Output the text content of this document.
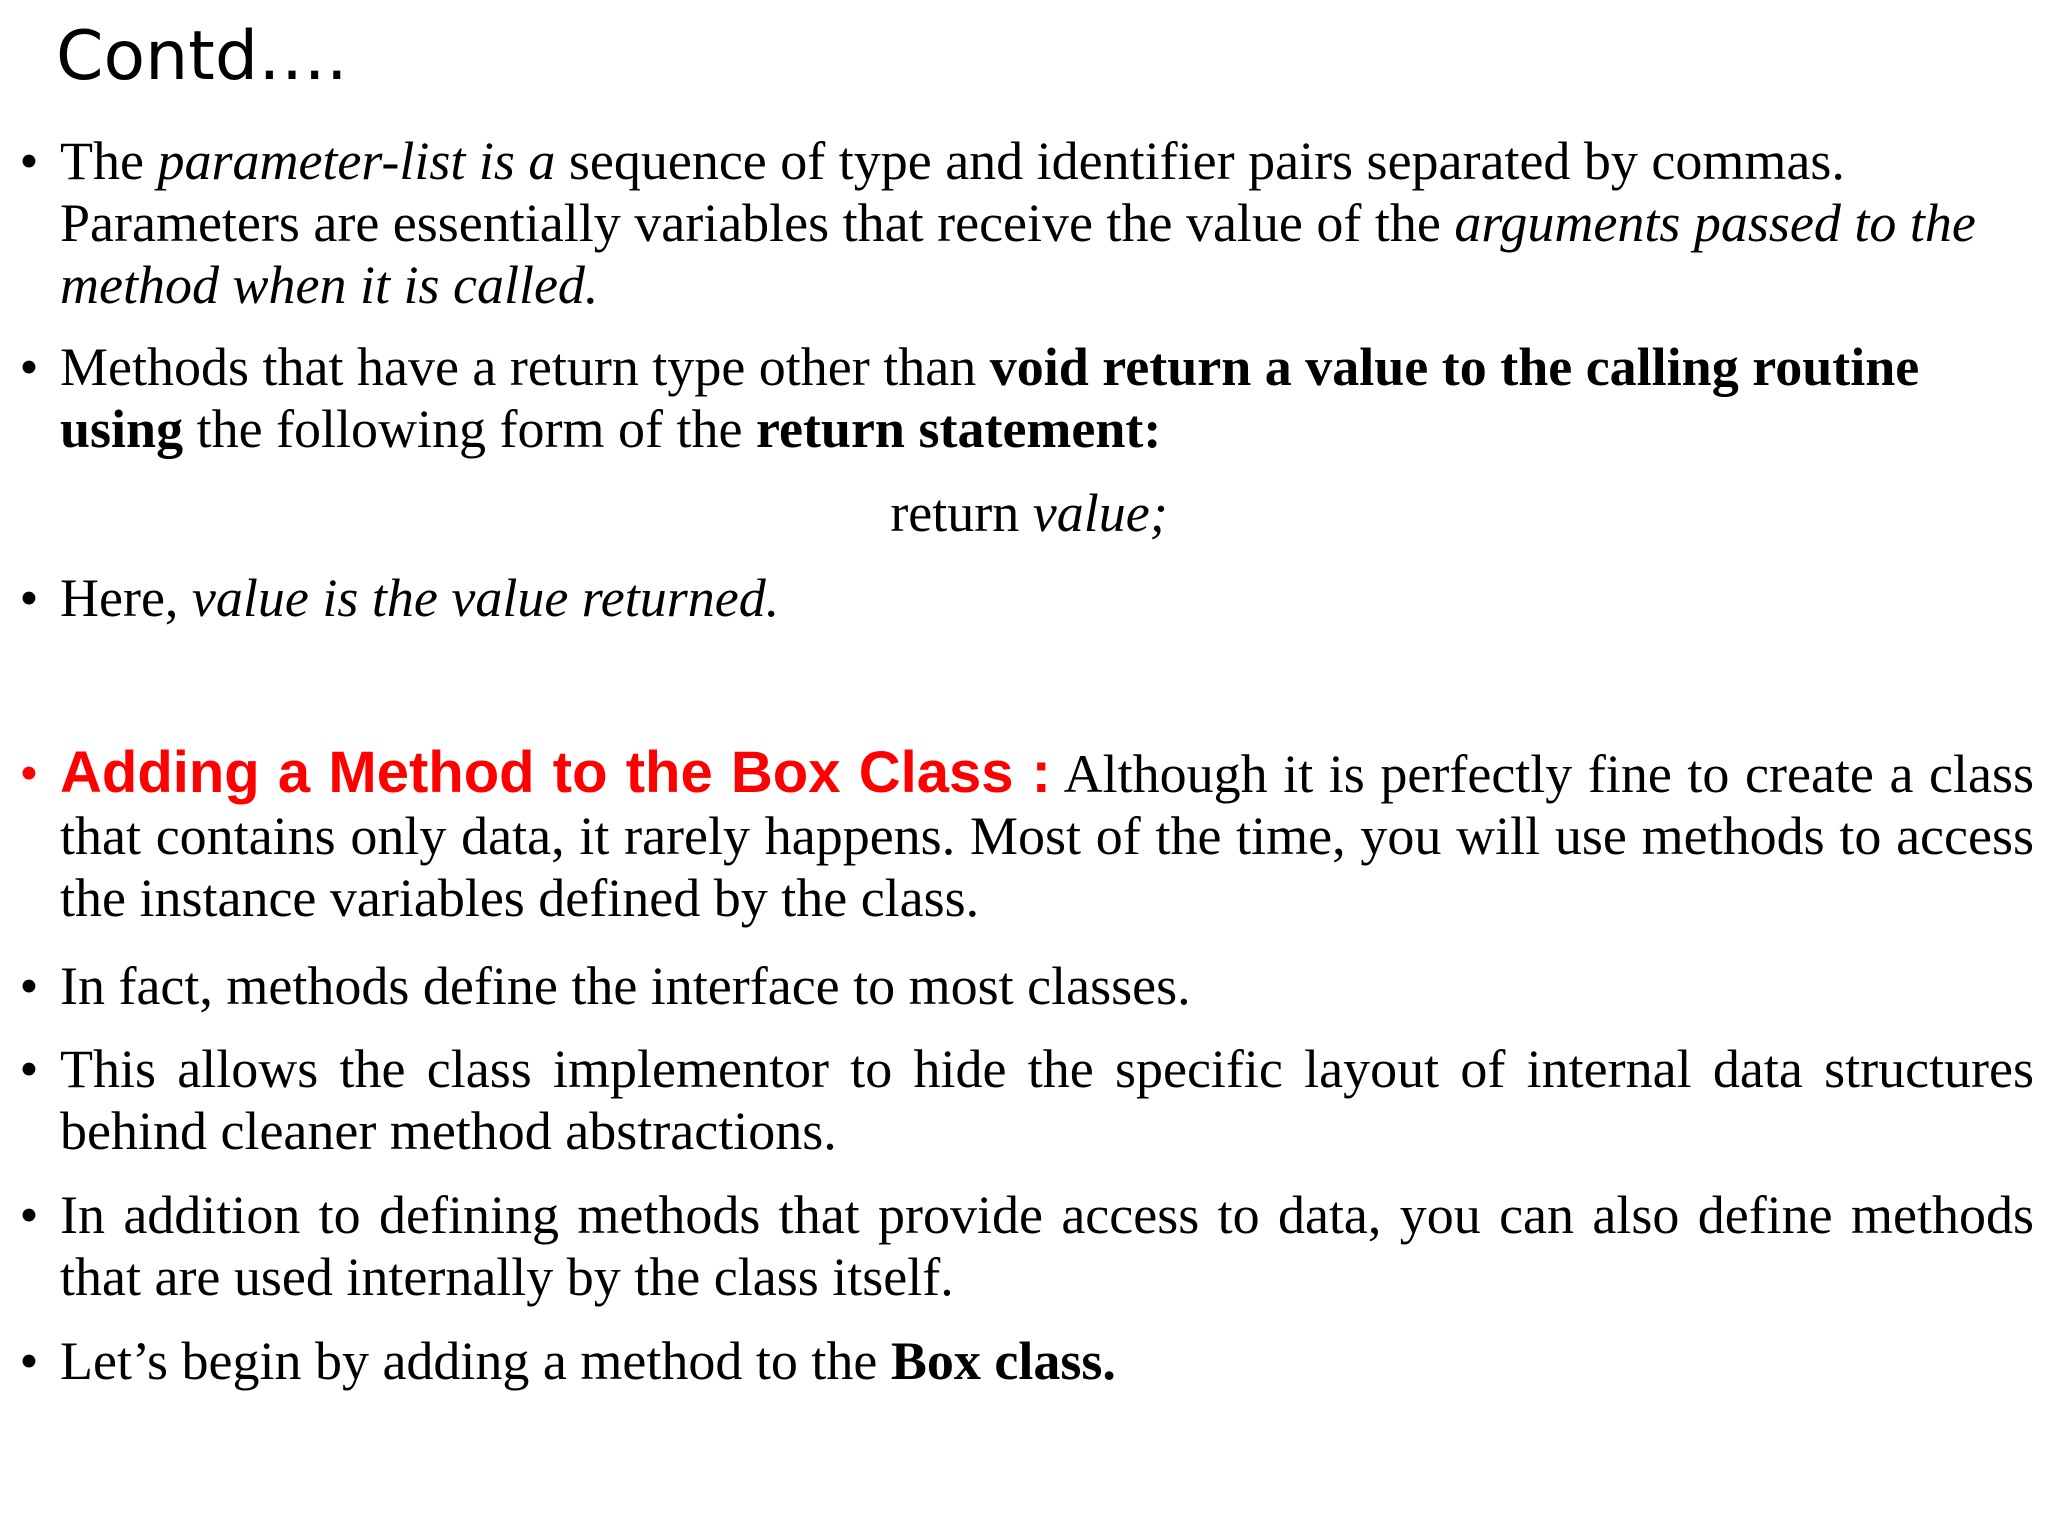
Contd….
• The parameter-list is a sequence of type and identifier pairs separated by commas. Parameters are essentially variables that receive the value of the arguments passed to the method when it is called.
• Methods that have a return type other than void return a value to the calling routine using the following form of the return statement:
return value;
• Here, value is the value returned.
• Adding a Method to the Box Class : Although it is perfectly fine to create a class that contains only data, it rarely happens. Most of the time, you will use methods to access the instance variables defined by the class.
• In fact, methods define the interface to most classes.
• This allows the class implementor to hide the specific layout of internal data structures behind cleaner method abstractions.
• In addition to defining methods that provide access to data, you can also define methods that are used internally by the class itself.
• Let’s begin by adding a method to the Box class.
